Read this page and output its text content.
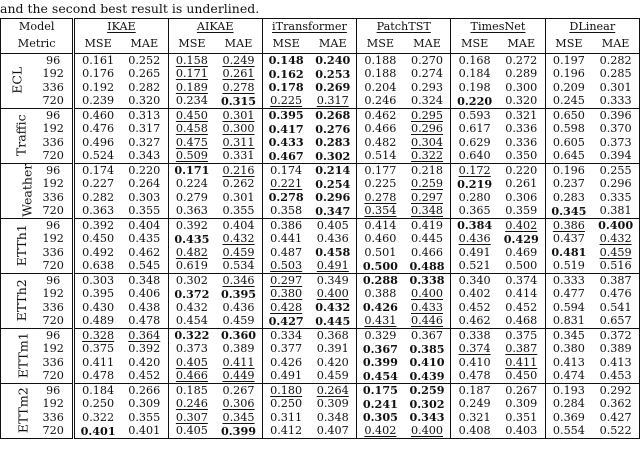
and the second best result is underlined.
Model		IKAE		AIKAE		iTransformer		PatchTST		TimesNet		DLinear	
Metric		MSE	MAE	MSE	MAE	MSE	MAE	MSE	MAE	MSE	MAE	MSE	MAE
ECL	96	0.161	0.252	0.158	0.249	0.148	0.240	0.188	0.270	0.168	0.272	0.197	0.282
	192	0.176	0.265	0.171	0.261	0.162	0.253	0.188	0.274	0.184	0.289	0.196	0.285
	336	0.192	0.282	0.189	0.278	0.178	0.269	0.204	0.293	0.198	0.300	0.209	0.301
	720	0.239	0.320	0.234	0.315	0.225	0.317	0.246	0.324	0.220	0.320	0.245	0.333
Traffic	96	0.460	0.313	0.450	0.301	0.395	0.268	0.462	0.295	0.593	0.321	0.650	0.396
	192	0.476	0.317	0.458	0.300	0.417	0.276	0.466	0.296	0.617	0.336	0.598	0.370
	336	0.496	0.327	0.475	0.311	0.433	0.283	0.482	0.304	0.629	0.336	0.605	0.373
	720	0.524	0.343	0.509	0.331	0.467	0.302	0.514	0.322	0.640	0.350	0.645	0.394
Weather	96	0.174	0.220	0.171	0.216	0.174	0.214	0.177	0.218	0.172	0.220	0.196	0.255
	192	0.227	0.264	0.224	0.262	0.221	0.254	0.225	0.259	0.219	0.261	0.237	0.296
	336	0.282	0.303	0.279	0.301	0.278	0.296	0.278	0.297	0.280	0.306	0.283	0.335
	720	0.363	0.355	0.363	0.355	0.358	0.347	0.354	0.348	0.365	0.359	0.345	0.381
ETTh1	96	0.392	0.404	0.392	0.404	0.386	0.405	0.414	0.419	0.384	0.402	0.386	0.400
	192	0.450	0.435	0.435	0.432	0.441	0.436	0.460	0.445	0.436	0.429	0.437	0.432
	336	0.492	0.462	0.482	0.459	0.487	0.458	0.501	0.466	0.491	0.469	0.481	0.459
	720	0.638	0.545	0.619	0.534	0.503	0.491	0.500	0.488	0.521	0.500	0.519	0.516
ETTh2	96	0.303	0.348	0.302	0.346	0.297	0.349	0.288	0.338	0.340	0.374	0.333	0.387
	192	0.395	0.406	0.372	0.395	0.380	0.400	0.388	0.400	0.402	0.414	0.477	0.476
	336	0.430	0.438	0.432	0.436	0.428	0.432	0.426	0.433	0.452	0.452	0.594	0.541
	720	0.489	0.478	0.454	0.459	0.427	0.445	0.431	0.446	0.462	0.468	0.831	0.657
ETTm1	96	0.328	0.364	0.322	0.360	0.334	0.368	0.329	0.367	0.338	0.375	0.345	0.372
	192	0.375	0.392	0.373	0.389	0.377	0.391	0.367	0.385	0.374	0.387	0.380	0.389
	336	0.411	0.420	0.405	0.411	0.426	0.420	0.399	0.410	0.410	0.411	0.413	0.413
	720	0.478	0.452	0.466	0.449	0.491	0.459	0.454	0.439	0.478	0.450	0.474	0.453
ETTm2	96	0.184	0.266	0.185	0.267	0.180	0.264	0.175	0.259	0.187	0.267	0.193	0.292
	192	0.250	0.309	0.246	0.306	0.250	0.309	0.241	0.302	0.249	0.309	0.284	0.362
	336	0.322	0.355	0.307	0.345	0.311	0.348	0.305	0.343	0.321	0.351	0.369	0.427
	720	0.401	0.401	0.405	0.399	0.412	0.407	0.402	0.400	0.408	0.403	0.554	0.522
